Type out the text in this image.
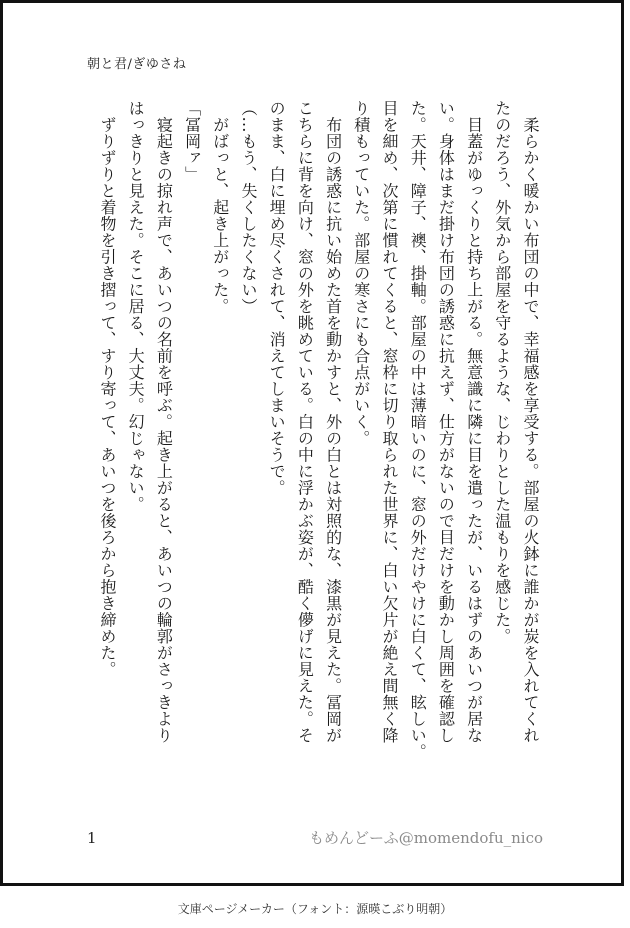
朝と君/ぎゆさね

　柔らかく暖かい布団の中で、幸福感を享受する。部屋の火鉢に誰かが炭を入れてくれ

たのだろう、外気から部屋を守るような、じわりとした温もりを感じた。

　目蓋がゆっくりと持ち上がる。無意識に隣に目を遣ったが、いるはずのあいつが居な

い。身体はまだ掛け布団の誘惑に抗えず、仕方がないので目だけを動かし周囲を確認し

た。天井、障子、襖、掛軸。部屋の中は薄暗いのに、窓の外だけやけに白くて、眩しい。

目を細め、次第に慣れてくると、窓枠に切り取られた世界に、白い欠片が絶え間無く降

り積もっていた。部屋の寒さにも合点がいく。

　布団の誘惑に抗い始めた首を動かすと、外の白とは対照的な、漆黒が見えた。冨岡が

こちらに背を向け、窓の外を眺めている。白の中に浮かぶ姿が、酷く儚げに見えた。そ

のまま、白に埋め尽くされて、消えてしまいそうで。

（…もう、失くしたくない）

　がばっと、起き上がった。

「冨岡ァ」

　寝起きの掠れ声で、あいつの名前を呼ぶ。起き上がると、あいつの輪郭がさっきより

はっきりと見えた。そこに居る、大丈夫。幻じゃない。

　ずりずりと着物を引き摺って、すり寄って、あいつを後ろから抱き締めた。

1	もめんどーふ@momendofu_nico
文庫ページメーカー（フォント：源暎こぶり明朝）
